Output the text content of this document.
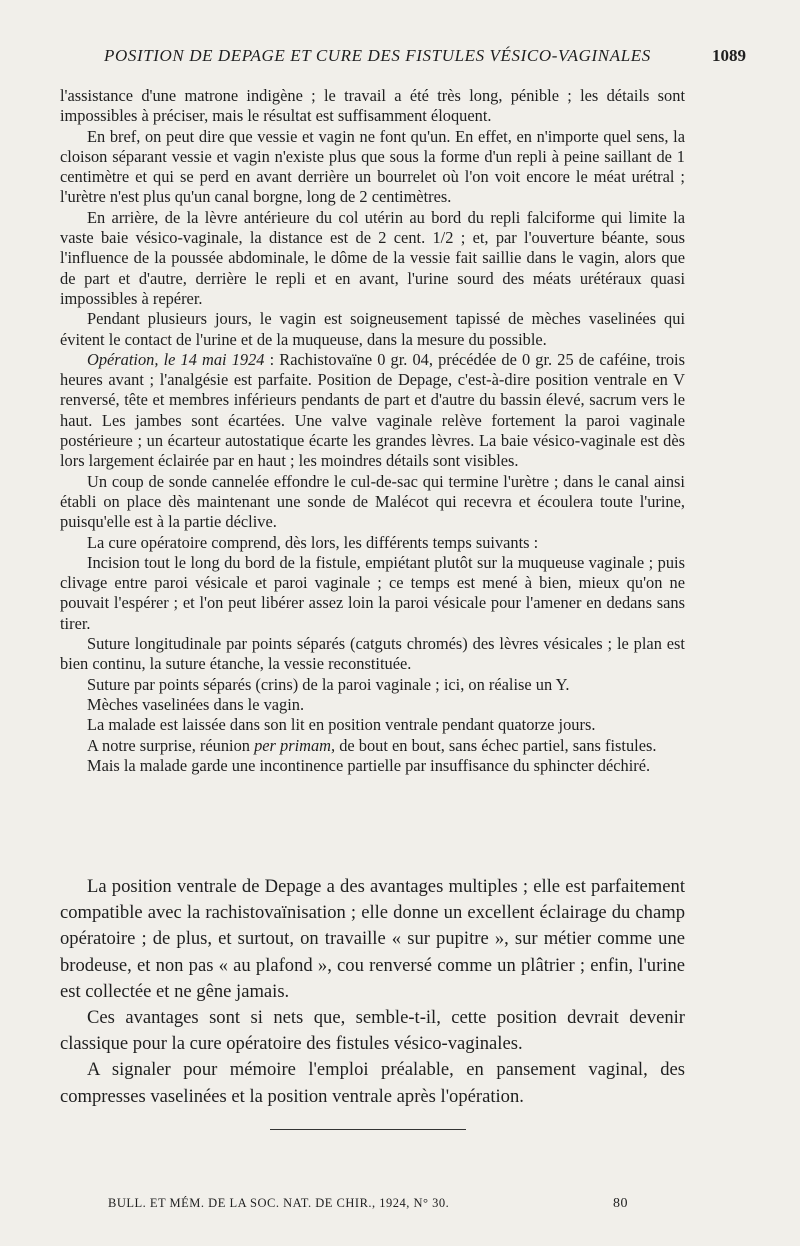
POSITION DE DEPAGE ET CURE DES FISTULES VÉSICO-VAGINALES	1089

l'assistance d'une matrone indigène ; le travail a été très long, pénible ; les détails sont impossibles à préciser, mais le résultat est suffisamment éloquent.

En bref, on peut dire que vessie et vagin ne font qu'un. En effet, en n'importe quel sens, la cloison séparant vessie et vagin n'existe plus que sous la forme d'un repli à peine saillant de 1 centimètre et qui se perd en avant derrière un bourrelet où l'on voit encore le méat urétral ; l'urètre n'est plus qu'un canal borgne, long de 2 centimètres.

En arrière, de la lèvre antérieure du col utérin au bord du repli falciforme qui limite la vaste baie vésico-vaginale, la distance est de 2 cent. 1/2 ; et, par l'ouverture béante, sous l'influence de la poussée abdominale, le dôme de la vessie fait saillie dans le vagin, alors que de part et d'autre, derrière le repli et en avant, l'urine sourd des méats urétéraux quasi impossibles à repérer.

Pendant plusieurs jours, le vagin est soigneusement tapissé de mèches vaselinées qui évitent le contact de l'urine et de la muqueuse, dans la mesure du possible.

Opération, le 14 mai 1924 : Rachistovaïne 0 gr. 04, précédée de 0 gr. 25 de caféine, trois heures avant ; l'analgésie est parfaite. Position de Depage, c'est-à-dire position ventrale en V renversé, tête et membres inférieurs pendants de part et d'autre du bassin élevé, sacrum vers le haut. Les jambes sont écartées. Une valve vaginale relève fortement la paroi vaginale postérieure ; un écarteur autostatique écarte les grandes lèvres. La baie vésico-vaginale est dès lors largement éclairée par en haut ; les moindres détails sont visibles.

Un coup de sonde cannelée effondre le cul-de-sac qui termine l'urètre ; dans le canal ainsi établi on place dès maintenant une sonde de Malécot qui recevra et écoulera toute l'urine, puisqu'elle est à la partie déclive.

La cure opératoire comprend, dès lors, les différents temps suivants :

Incision tout le long du bord de la fistule, empiétant plutôt sur la muqueuse vaginale ; puis clivage entre paroi vésicale et paroi vaginale ; ce temps est mené à bien, mieux qu'on ne pouvait l'espérer ; et l'on peut libérer assez loin la paroi vésicale pour l'amener en dedans sans tirer.

Suture longitudinale par points séparés (catguts chromés) des lèvres vésicales ; le plan est bien continu, la suture étanche, la vessie reconstituée.

Suture par points séparés (crins) de la paroi vaginale ; ici, on réalise un Y.

Mèches vaselinées dans le vagin.

La malade est laissée dans son lit en position ventrale pendant quatorze jours.

A notre surprise, réunion per primam, de bout en bout, sans échec partiel, sans fistules.

Mais la malade garde une incontinence partielle par insuffisance du sphincter déchiré.

La position ventrale de Depage a des avantages multiples ; elle est parfaitement compatible avec la rachistovaïnisation ; elle donne un excellent éclairage du champ opératoire ; de plus, et surtout, on travaille « sur pupitre », sur métier comme une brodeuse, et non pas « au plafond », cou renversé comme un plâtrier ; enfin, l'urine est collectée et ne gêne jamais.

Ces avantages sont si nets que, semble-t-il, cette position devrait devenir classique pour la cure opératoire des fistules vésico-vaginales.

A signaler pour mémoire l'emploi préalable, en pansement vaginal, des compresses vaselinées et la position ventrale après l'opération.

BULL. ET MÉM. DE LA SOC. NAT. DE CHIR., 1924, N° 30.	80
